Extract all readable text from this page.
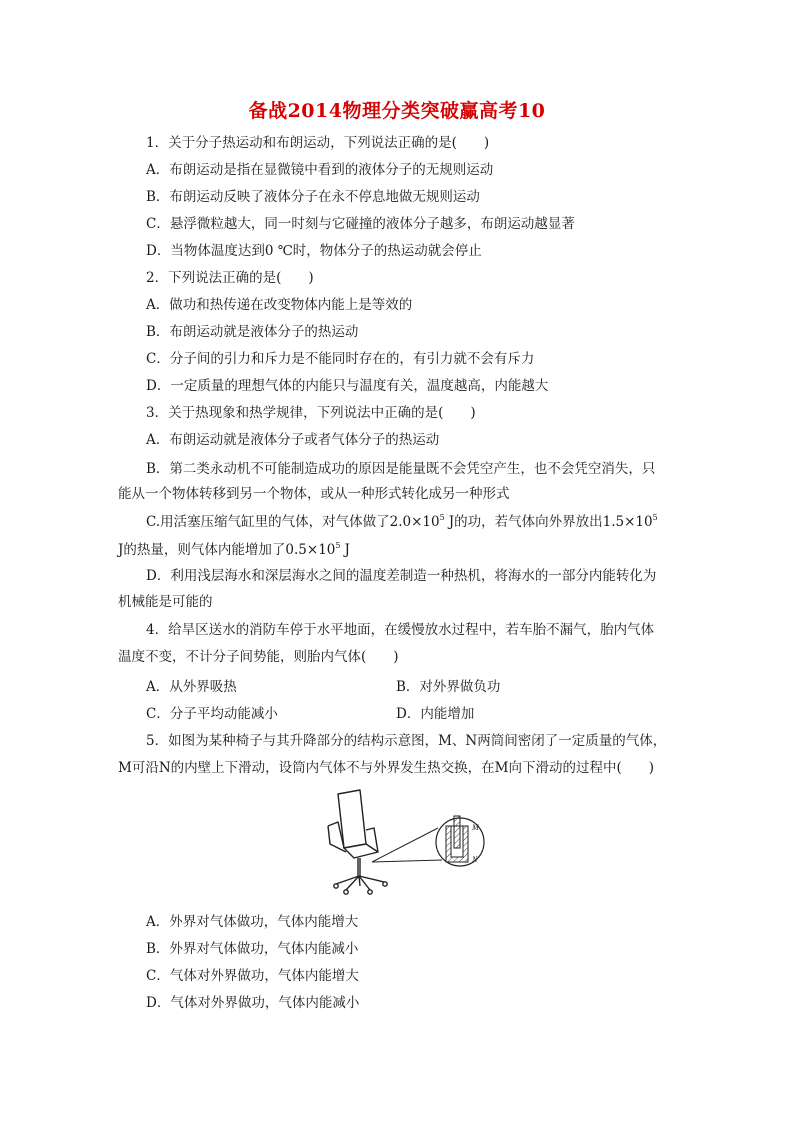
备战2014物理分类突破赢高考10
1．关于分子热运动和布朗运动，下列说法正确的是(　　)
A．布朗运动是指在显微镜中看到的液体分子的无规则运动
B．布朗运动反映了液体分子在永不停息地做无规则运动
C．悬浮微粒越大，同一时刻与它碰撞的液体分子越多，布朗运动越显著
D．当物体温度达到0 ℃时，物体分子的热运动就会停止
2．下列说法正确的是(　　)
A．做功和热传递在改变物体内能上是等效的
B．布朗运动就是液体分子的热运动
C．分子间的引力和斥力是不能同时存在的，有引力就不会有斥力
D．一定质量的理想气体的内能只与温度有关，温度越高，内能越大
3．关于热现象和热学规律，下列说法中正确的是(　　)
A．布朗运动就是液体分子或者气体分子的热运动
B．第二类永动机不可能制造成功的原因是能量既不会凭空产生，也不会凭空消失，只
能从一个物体转移到另一个物体，或从一种形式转化成另一种形式
C.用活塞压缩气缸里的气体，对气体做了$2.0\times 10^5$ J的功，若气体向外界放出$1.5\times 10^5$
J的热量，则气体内能增加了$0.5\times 10^5$ J
D．利用浅层海水和深层海水之间的温度差制造一种热机，将海水的一部分内能转化为
机械能是可能的
4．给旱区送水的消防车停于水平地面，在缓慢放水过程中，若车胎不漏气，胎内气体
温度不变，不计分子间势能，则胎内气体(　　)
A．从外界吸热	B．对外界做负功
C．分子平均动能减小	D．内能增加
5．如图为某种椅子与其升降部分的结构示意图，M、N两筒间密闭了一定质量的气体，
M可沿N的内壁上下滑动，设筒内气体不与外界发生热交换，在M向下滑动的过程中(　　)
M
N
A．外界对气体做功，气体内能增大
B．外界对气体做功，气体内能减小
C．气体对外界做功，气体内能增大
D．气体对外界做功，气体内能减小
